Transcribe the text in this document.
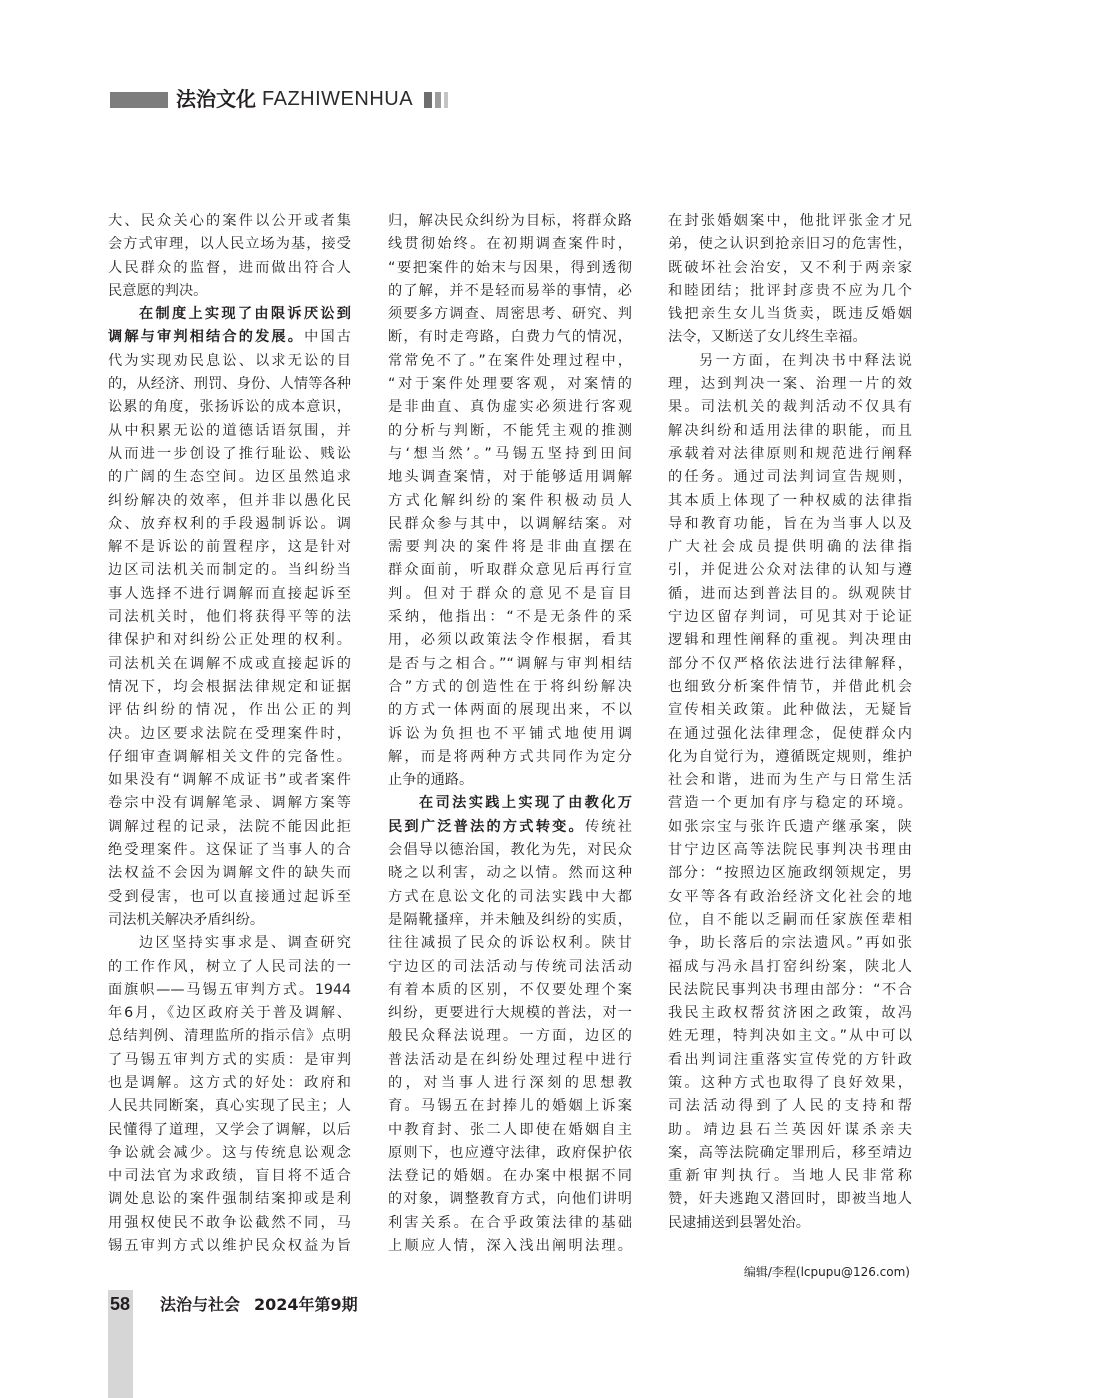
法治文化 FAZHIWENHUA
大、民众关心的案件以公开或者集
会方式审理，以人民立场为基，接受
人民群众的监督，进而做出符合人
民意愿的判决。
在制度上实现了由限诉厌讼到
调解与审判相结合的发展。中国古
代为实现劝民息讼、以求无讼的目
的，从经济、刑罚、身份、人情等各种
讼累的角度，张扬诉讼的成本意识，
从中积累无讼的道德话语氛围，并
从而进一步创设了推行耻讼、贱讼
的广阔的生态空间。边区虽然追求
纠纷解决的效率，但并非以愚化民
众、放弃权利的手段遏制诉讼。调
解不是诉讼的前置程序，这是针对
边区司法机关而制定的。当纠纷当
事人选择不进行调解而直接起诉至
司法机关时，他们将获得平等的法
律保护和对纠纷公正处理的权利。
司法机关在调解不成或直接起诉的
情况下，均会根据法律规定和证据
评估纠纷的情况，作出公正的判
决。边区要求法院在受理案件时，
仔细审查调解相关文件的完备性。
如果没有“调解不成证书”或者案件
卷宗中没有调解笔录、调解方案等
调解过程的记录，法院不能因此拒
绝受理案件。这保证了当事人的合
法权益不会因为调解文件的缺失而
受到侵害，也可以直接通过起诉至
司法机关解决矛盾纠纷。
边区坚持实事求是、调查研究
的工作作风，树立了人民司法的一
面旗帜——马锡五审判方式。1944
年6月，《边区政府关于普及调解、
总结判例、清理监所的指示信》点明
了马锡五审判方式的实质：是审判
也是调解。这方式的好处：政府和
人民共同断案，真心实现了民主；人
民懂得了道理，又学会了调解，以后
争讼就会减少。这与传统息讼观念
中司法官为求政绩，盲目将不适合
调处息讼的案件强制结案抑或是利
用强权使民不敢争讼截然不同，马
锡五审判方式以维护民众权益为旨
归，解决民众纠纷为目标，将群众路
线贯彻始终。在初期调查案件时，
“要把案件的始末与因果，得到透彻
的了解，并不是轻而易举的事情，必
须要多方调查、周密思考、研究、判
断，有时走弯路，白费力气的情况，
常常免不了。”在案件处理过程中，
“对于案件处理要客观，对案情的
是非曲直、真伪虚实必须进行客观
的分析与判断，不能凭主观的推测
与‘想当然’。”马锡五坚持到田间
地头调查案情，对于能够适用调解
方式化解纠纷的案件积极动员人
民群众参与其中，以调解结案。对
需要判决的案件将是非曲直摆在
群众面前，听取群众意见后再行宣
判。但对于群众的意见不是盲目
采纳，他指出：“不是无条件的采
用，必须以政策法令作根据，看其
是否与之相合。”“调解与审判相结
合”方式的创造性在于将纠纷解决
的方式一体两面的展现出来，不以
诉讼为负担也不平铺式地使用调
解，而是将两种方式共同作为定分
止争的通路。
在司法实践上实现了由教化万
民到广泛普法的方式转变。传统社
会倡导以德治国，教化为先，对民众
晓之以利害，动之以情。然而这种
方式在息讼文化的司法实践中大都
是隔靴搔痒，并未触及纠纷的实质，
往往减损了民众的诉讼权利。陕甘
宁边区的司法活动与传统司法活动
有着本质的区别，不仅要处理个案
纠纷，更要进行大规模的普法，对一
般民众释法说理。一方面，边区的
普法活动是在纠纷处理过程中进行
的，对当事人进行深刻的思想教
育。马锡五在封捧儿的婚姻上诉案
中教育封、张二人即使在婚姻自主
原则下，也应遵守法律，政府保护依
法登记的婚姻。在办案中根据不同
的对象，调整教育方式，向他们讲明
利害关系。在合乎政策法律的基础
上顺应人情，深入浅出阐明法理。
在封张婚姻案中，他批评张金才兄
弟，使之认识到抢亲旧习的危害性，
既破坏社会治安，又不利于两亲家
和睦团结；批评封彦贵不应为几个
钱把亲生女儿当货卖，既违反婚姻
法令，又断送了女儿终生幸福。
另一方面，在判决书中释法说
理，达到判决一案、治理一片的效
果。司法机关的裁判活动不仅具有
解决纠纷和适用法律的职能，而且
承载着对法律原则和规范进行阐释
的任务。通过司法判词宣告规则，
其本质上体现了一种权威的法律指
导和教育功能，旨在为当事人以及
广大社会成员提供明确的法律指
引，并促进公众对法律的认知与遵
循，进而达到普法目的。纵观陕甘
宁边区留存判词，可见其对于论证
逻辑和理性阐释的重视。判决理由
部分不仅严格依法进行法律解释，
也细致分析案件情节，并借此机会
宣传相关政策。此种做法，无疑旨
在通过强化法律理念，促使群众内
化为自觉行为，遵循既定规则，维护
社会和谐，进而为生产与日常生活
营造一个更加有序与稳定的环境。
如张宗宝与张许氏遗产继承案，陕
甘宁边区高等法院民事判决书理由
部分：“按照边区施政纲领规定，男
女平等各有政治经济文化社会的地
位，自不能以乏嗣而任家族侄辈相
争，助长落后的宗法遗风。”再如张
福成与冯永昌打窑纠纷案，陕北人
民法院民事判决书理由部分：“不合
我民主政权帮贫济困之政策，故冯
姓无理，特判决如主文。”从中可以
看出判词注重落实宣传党的方针政
策。这种方式也取得了良好效果，
司法活动得到了人民的支持和帮
助。靖边县石兰英因奸谋杀亲夫
案，高等法院确定罪刑后，移至靖边
重新审判执行。当地人民非常称
赞，奸夫逃跑又潜回时，即被当地人
民逮捕送到县署处治。
编辑/李程(lcpupu@126.com)
58 法治与社会 2024年第9期
